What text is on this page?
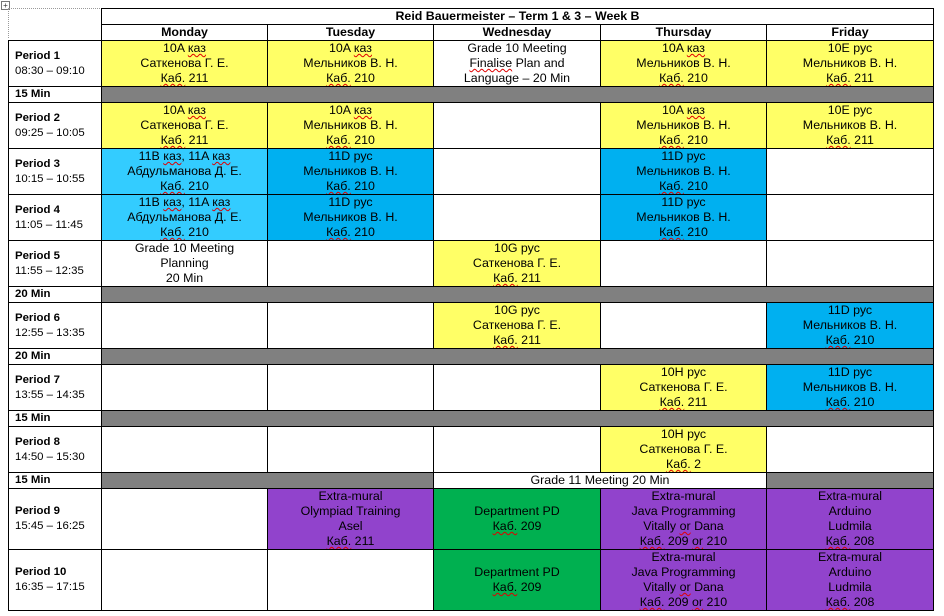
+
	Reid Bauermeister – Term 1 & 3 – Week B				
	Monday	Tuesday	Wednesday	Thursday	Friday

Period 1
08:30 – 09:10	10A каз
Саткенова Г. Е.
Каб. 211	10A каз
Мельников В. Н.
Каб. 210	Grade 10 Meeting
Finalise Plan and
Language – 20 Min	10A каз
Мельников В. Н.
Каб. 210	10E рус
Мельников В. Н.
Каб. 211

15 Min					

Period 2
09:25 – 10:05	10A каз
Саткенова Г. Е.
Каб. 211	10A каз
Мельников В. Н.
Каб. 210		10A каз
Мельников В. Н.
Каб. 210	10E рус
Мельников В. Н.
Каб. 211

Period 3
10:15 – 10:55	11B каз, 11A каз
Абдульманова Д. Е.
Каб. 210	11D рус
Мельников В. Н.
Каб. 210		11D рус
Мельников В. Н.
Каб. 210	

Period 4
11:05 – 11:45	11B каз, 11A каз
Абдульманова Д. Е.
Каб. 210	11D рус
Мельников В. Н.
Каб. 210		11D рус
Мельников В. Н.
Каб. 210	

Period 5
11:55 – 12:35	Grade 10 Meeting
Planning
20 Min		10G рус
Саткенова Г. Е.
Каб. 211		

20 Min					

Period 6
12:55 – 13:35			10G рус
Саткенова Г. Е.
Каб. 211		11D рус
Мельников В. Н.
Каб. 210

20 Min					

Period 7
13:55 – 14:35				10H рус
Саткенова Г. Е.
Каб. 211	11D рус
Мельников В. Н.
Каб. 210

15 Min					

Period 8
14:50 – 15:30				10H рус
Саткенова Г. Е.
Каб. 2	

15 Min			Grade 11 Meeting 20 Min		

Period 9
15:45 – 16:25		Extra-mural
Olympiad Training
Asel
Каб. 211	Department PD
Каб. 209	Extra-mural
Java Programming
Vitally or Dana
Каб. 209 or 210	Extra-mural
Arduino
Ludmila
Каб. 208

Period 10
16:35 – 17:15			Department PD
Каб. 209	Extra-mural
Java Programming
Vitally or Dana
Каб. 209 or 210	Extra-mural
Arduino
Ludmila
Каб. 208
